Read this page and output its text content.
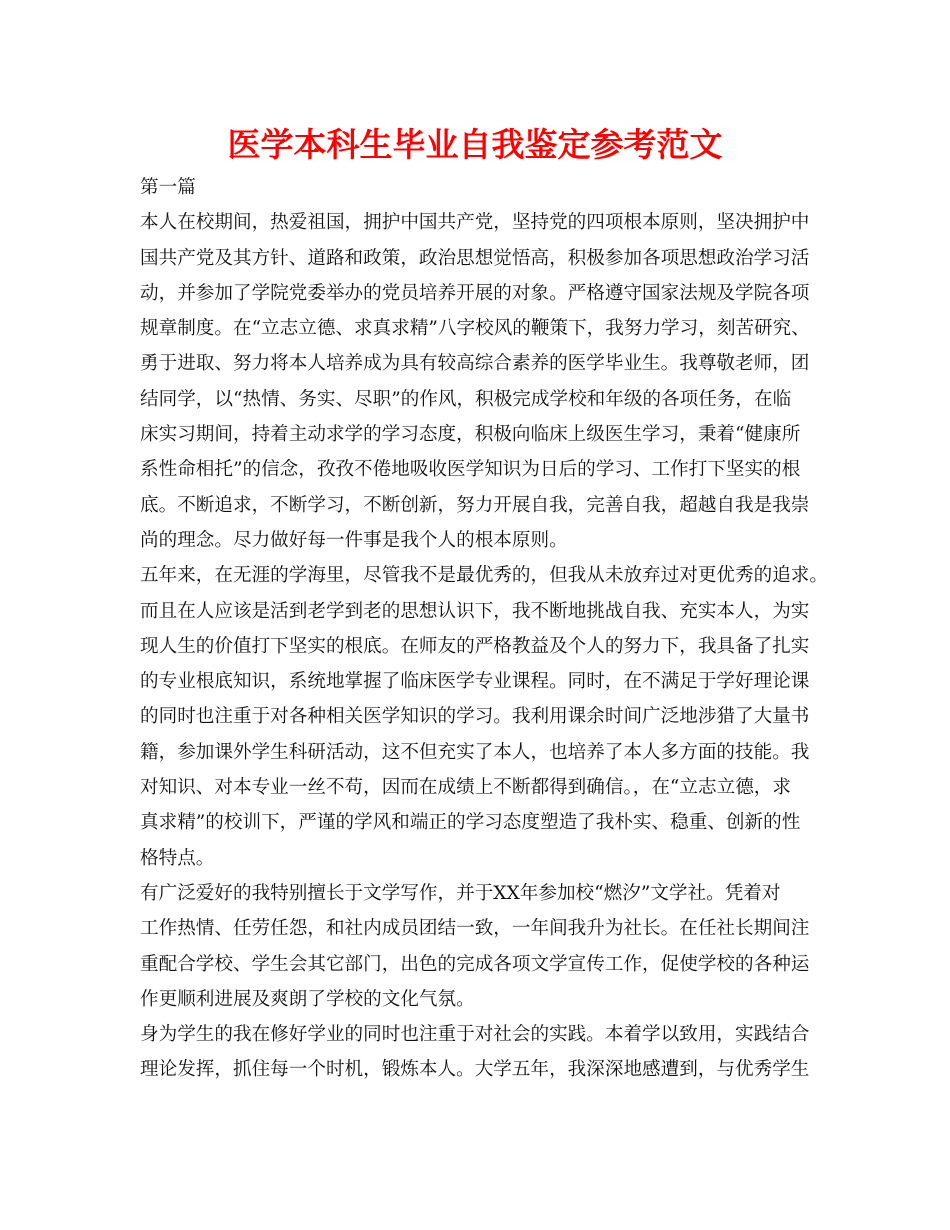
医学本科生毕业自我鉴定参考范文
第一篇
本人在校期间，热爱祖国，拥护中国共产党，坚持党的四项根本原则，坚决拥护中
国共产党及其方针、道路和政策，政治思想觉悟高，积极参加各项思想政治学习活
动，并参加了学院党委举办的党员培养开展的对象。严格遵守国家法规及学院各项
规章制度。在“立志立德、求真求精”八字校风的鞭策下，我努力学习，刻苦研究、
勇于进取、努力将本人培养成为具有较高综合素养的医学毕业生。我尊敬老师，团
结同学，以“热情、务实、尽职”的作风，积极完成学校和年级的各项任务，在临
床实习期间，持着主动求学的学习态度，积极向临床上级医生学习，秉着“健康所
系性命相托”的信念，孜孜不倦地吸收医学知识为日后的学习、工作打下坚实的根
底。不断追求，不断学习，不断创新，努力开展自我，完善自我，超越自我是我崇
尚的理念。尽力做好每一件事是我个人的根本原则。
五年来，在无涯的学海里，尽管我不是最优秀的，但我从未放弃过对更优秀的追求。
而且在人应该是活到老学到老的思想认识下，我不断地挑战自我、充实本人，为实
现人生的价值打下坚实的根底。在师友的严格教益及个人的努力下，我具备了扎实
的专业根底知识，系统地掌握了临床医学专业课程。同时，在不满足于学好理论课
的同时也注重于对各种相关医学知识的学习。我利用课余时间广泛地涉猎了大量书
籍，参加课外学生科研活动，这不但充实了本人，也培养了本人多方面的技能。我
对知识、对本专业一丝不苟，因而在成绩上不断都得到确信。，在“立志立德，求
真求精”的校训下，严谨的学风和端正的学习态度塑造了我朴实、稳重、创新的性
格特点。
有广泛爱好的我特别擅长于文学写作，并于XX年参加校“燃汐”文学社。凭着对
工作热情、任劳任怨，和社内成员团结一致，一年间我升为社长。在任社长期间注
重配合学校、学生会其它部门，出色的完成各项文学宣传工作，促使学校的各种运
作更顺利进展及爽朗了学校的文化气氛。
身为学生的我在修好学业的同时也注重于对社会的实践。本着学以致用，实践结合
理论发挥，抓住每一个时机，锻炼本人。大学五年，我深深地感遭到，与优秀学生
